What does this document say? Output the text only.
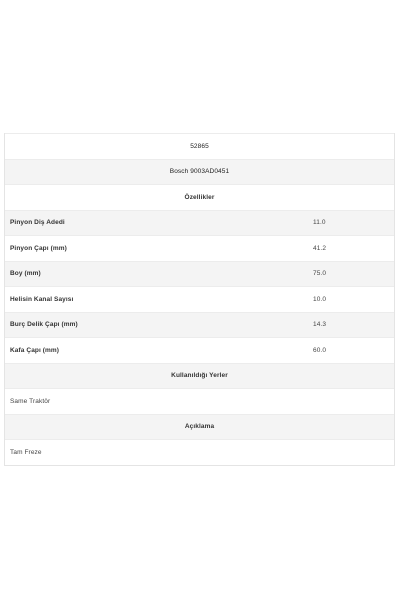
52865
Bosch 9003AD0451
Özellikler
Pinyon Diş Adedi	11.0
Pinyon Çapı (mm)	41.2
Boy (mm)	75.0
Helisin Kanal Sayısı	10.0
Burç Delik Çapı (mm)	14.3
Kafa Çapı (mm)	60.0
Kullanıldığı Yerler
Same Traktör
Açıklama
Tam Freze
